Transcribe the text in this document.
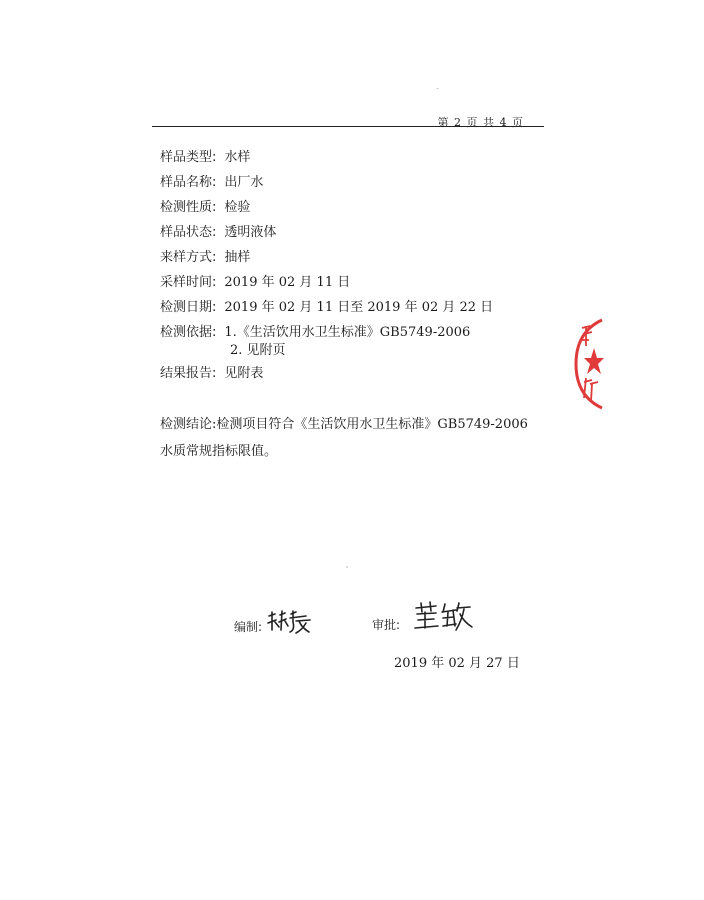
第 2 页 共 4 页
样品类型: 水样
样品名称: 出厂水
检测性质: 检验
样品状态: 透明液体
来样方式: 抽样
采样时间: 2019 年 02 月 11 日
检测日期: 2019 年 02 月 11 日至 2019 年 02 月 22 日
检测依据: 1.《生活饮用水卫生标准》GB5749-2006
2. 见附页
结果报告: 见附表
检测结论:检测项目符合《生活饮用水卫生标准》GB5749-2006
水质常规指标限值。
编制:	审批:
2019 年 02 月 27 日
